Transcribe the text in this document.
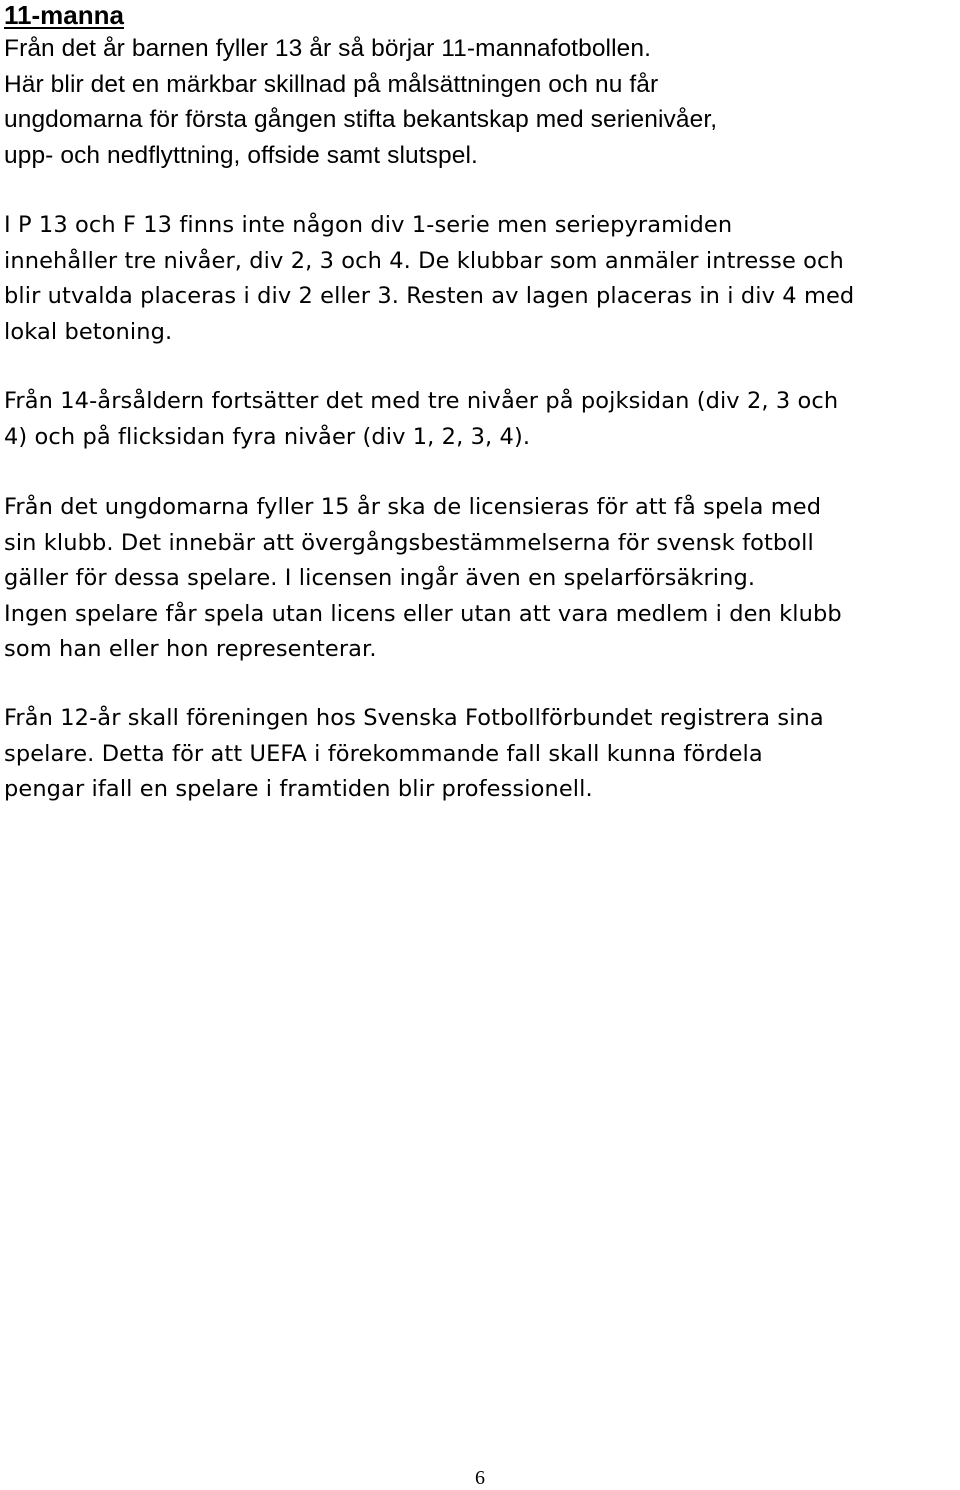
11-manna

Från det år barnen fyller 13 år så börjar 11-mannafotbollen.
Här blir det en märkbar skillnad på målsättningen och nu får
ungdomarna för första gången stifta bekantskap med serienivåer,
upp- och nedflyttning, offside samt slutspel.

I P 13 och F 13 finns inte någon div 1-serie men seriepyramiden
innehåller tre nivåer, div 2, 3 och 4. De klubbar som anmäler intresse och
blir utvalda placeras i div 2 eller 3. Resten av lagen placeras in i div 4 med
lokal betoning.

Från 14-årsåldern fortsätter det med tre nivåer på pojksidan (div 2, 3 och
4) och på flicksidan fyra nivåer (div 1, 2, 3, 4).

Från det ungdomarna fyller 15 år ska de licensieras för att få spela med
sin klubb. Det innebär att övergångsbestämmelserna för svensk fotboll
gäller för dessa spelare. I licensen ingår även en spelarförsäkring.
Ingen spelare får spela utan licens eller utan att vara medlem i den klubb
som han eller hon representerar.

Från 12-år skall föreningen hos Svenska Fotbollförbundet registrera sina
spelare. Detta för att UEFA i förekommande fall skall kunna fördela
pengar ifall en spelare i framtiden blir professionell.

6
